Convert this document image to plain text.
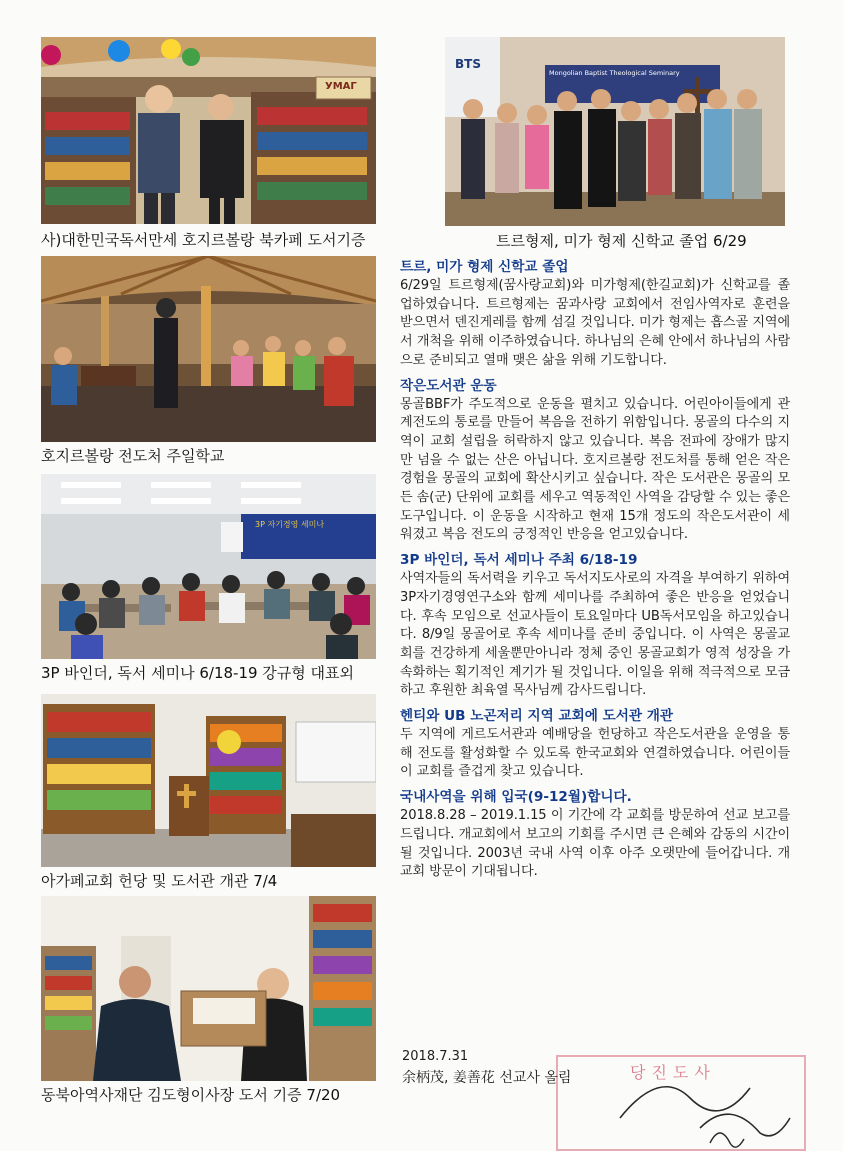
УМАГ
사)대한민국독서만세 호지르볼랑 북카페 도서기증
BTS
Mongolian Baptist Theological Seminary
트르형제, 미가 형제 신학교 졸업 6/29
호지르볼랑 전도처 주일학교
3P 자기경영 세미나
3P 바인더, 독서 세미나 6/18-19 강규형 대표외
아가페교회 헌당 및 도서관 개관 7/4
동북아역사재단 김도형이사장 도서 기증 7/20
트르, 미가 형제 신학교 졸업
6/29일 트르형제(꿈사랑교회)와 미가형제(한길교회)가 신학교를 졸업하였습니다. 트르형제는 꿈과사랑 교회에서 전임사역자로 훈련을 받으면서 덴진게레를 함께 섬길 것입니다. 미가 형제는 흡스골 지역에서 개척을 위해 이주하였습니다. 하나님의 은혜 안에서 하나님의 사람으로 준비되고 열매 맺은 삶을 위해 기도합니다.
작은도서관 운동
몽골BBF가 주도적으로 운동을 펼치고 있습니다. 어린아이들에게 관계전도의 통로를 만들어 복음을 전하기 위함입니다. 몽골의 다수의 지역이 교회 설립을 허락하지 않고 있습니다. 복음 전파에 장애가 많지만 넘을 수 없는 산은 아닙니다. 호지르볼랑 전도처를 통해 얻은 작은 경험을 몽골의 교회에 확산시키고 싶습니다. 작은 도서관은 몽골의 모든 솜(군) 단위에 교회를 세우고 역동적인 사역을 감당할 수 있는 좋은 도구입니다. 이 운동을 시작하고 현재 15개 정도의 작은도서관이 세워졌고 복음 전도의 긍정적인 반응을 얻고있습니다.
3P 바인더, 독서 세미나 주최 6/18-19
사역자들의 독서력을 키우고 독서지도사로의 자격을 부여하기 위하여 3P자기경영연구소와 함께 세미나를 주최하여 좋은 반응을 얻었습니다. 후속 모임으로 선교사들이 토요일마다 UB독서모임을 하고있습니다. 8/9일 몽골어로 후속 세미나를 준비 중입니다. 이 사역은 몽골교회를 건강하게 세울뿐만아니라 정체 중인 몽골교회가 영적 성장을 가속화하는 획기적인 계기가 될 것입니다. 이일을 위해 적극적으로 모금하고 후원한 최육열 목사님께 감사드립니다.
헨티와 UB 노곤저리 지역 교회에 도서관 개관
두 지역에 게르도서관과 예배당을 헌당하고 작은도서관을 운영을 통해 전도를 활성화할 수 있도록 한국교회와 연결하였습니다. 어린이들이 교회를 즐겁게 찾고 있습니다.
국내사역을 위해 입국(9-12월)합니다.
2018.8.28 – 2019.1.15 이 기간에 각 교회를 방문하여 선교 보고를 드립니다. 개교회에서 보고의 기회를 주시면 큰 은혜와 감동의 시간이 될 것입니다. 2003년 국내 사역 이후 아주 오랫만에 들어갑니다. 개교회 방문이 기대됩니다.
당진도사
2018.7.31
余柄茂, 姜善花 선교사 올림
